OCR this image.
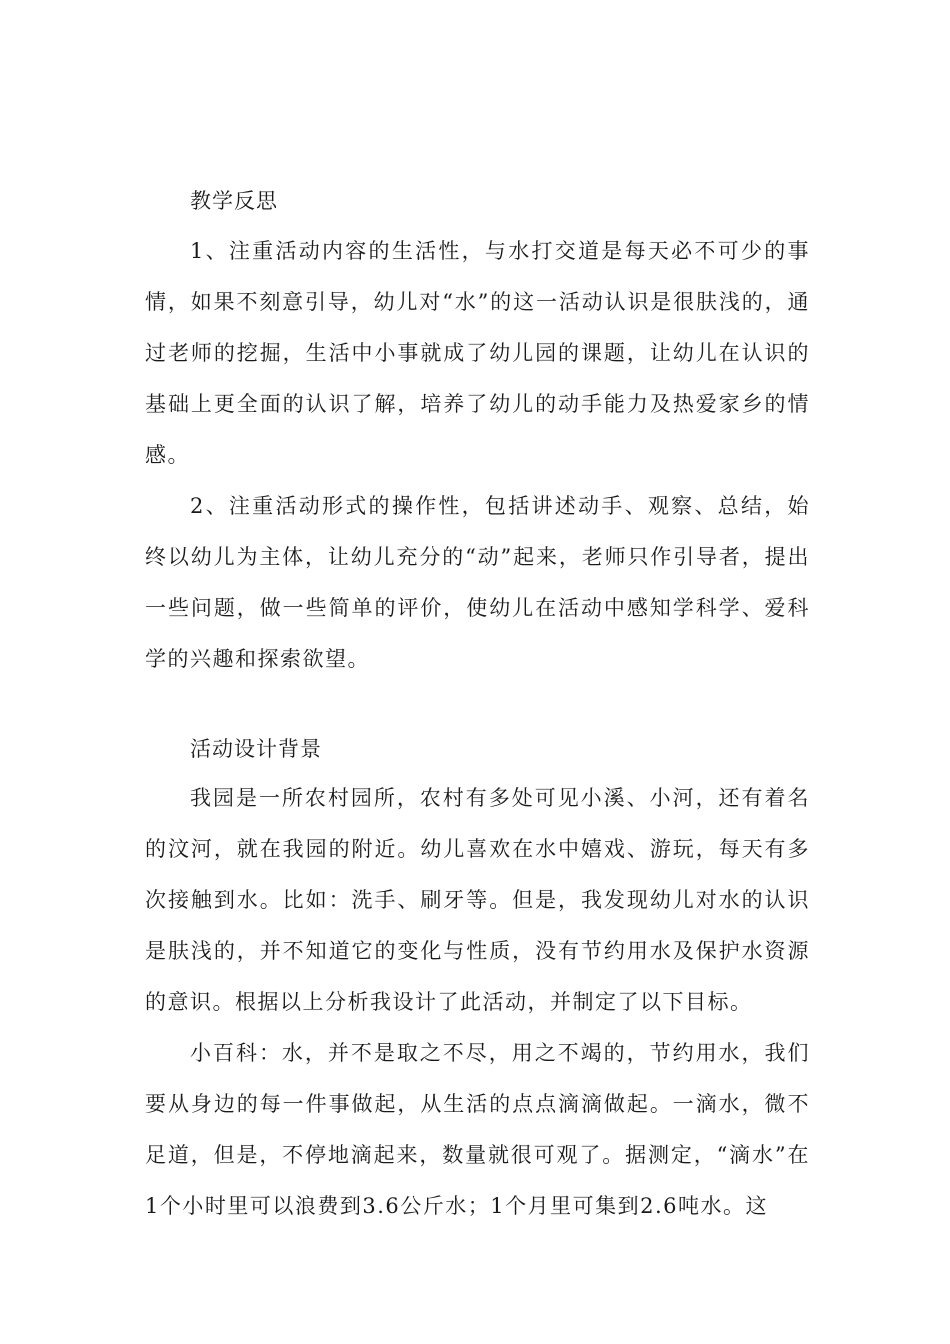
教学反思

1、注重活动内容的生活性，与水打交道是每天必不可少的事情，如果不刻意引导，幼儿对“水”的这一活动认识是很肤浅的，通过老师的挖掘，生活中小事就成了幼儿园的课题，让幼儿在认识的基础上更全面的认识了解，培养了幼儿的动手能力及热爱家乡的情感。

2、注重活动形式的操作性，包括讲述动手、观察、总结，始终以幼儿为主体，让幼儿充分的“动”起来，老师只作引导者，提出一些问题，做一些简单的评价，使幼儿在活动中感知学科学、爱科学的兴趣和探索欲望。

活动设计背景

我园是一所农村园所，农村有多处可见小溪、小河，还有着名的汶河，就在我园的附近。幼儿喜欢在水中嬉戏、游玩，每天有多次接触到水。比如：洗手、刷牙等。但是，我发现幼儿对水的认识是肤浅的，并不知道它的变化与性质，没有节约用水及保护水资源的意识。根据以上分析我设计了此活动，并制定了以下目标。

小百科：水，并不是取之不尽，用之不竭的，节约用水，我们要从身边的每一件事做起，从生活的点点滴滴做起。一滴水，微不足道，但是，不停地滴起来，数量就很可观了。据测定，“滴水”在1个小时里可以浪费到3.6公斤水；1个月里可集到2.6吨水。这
